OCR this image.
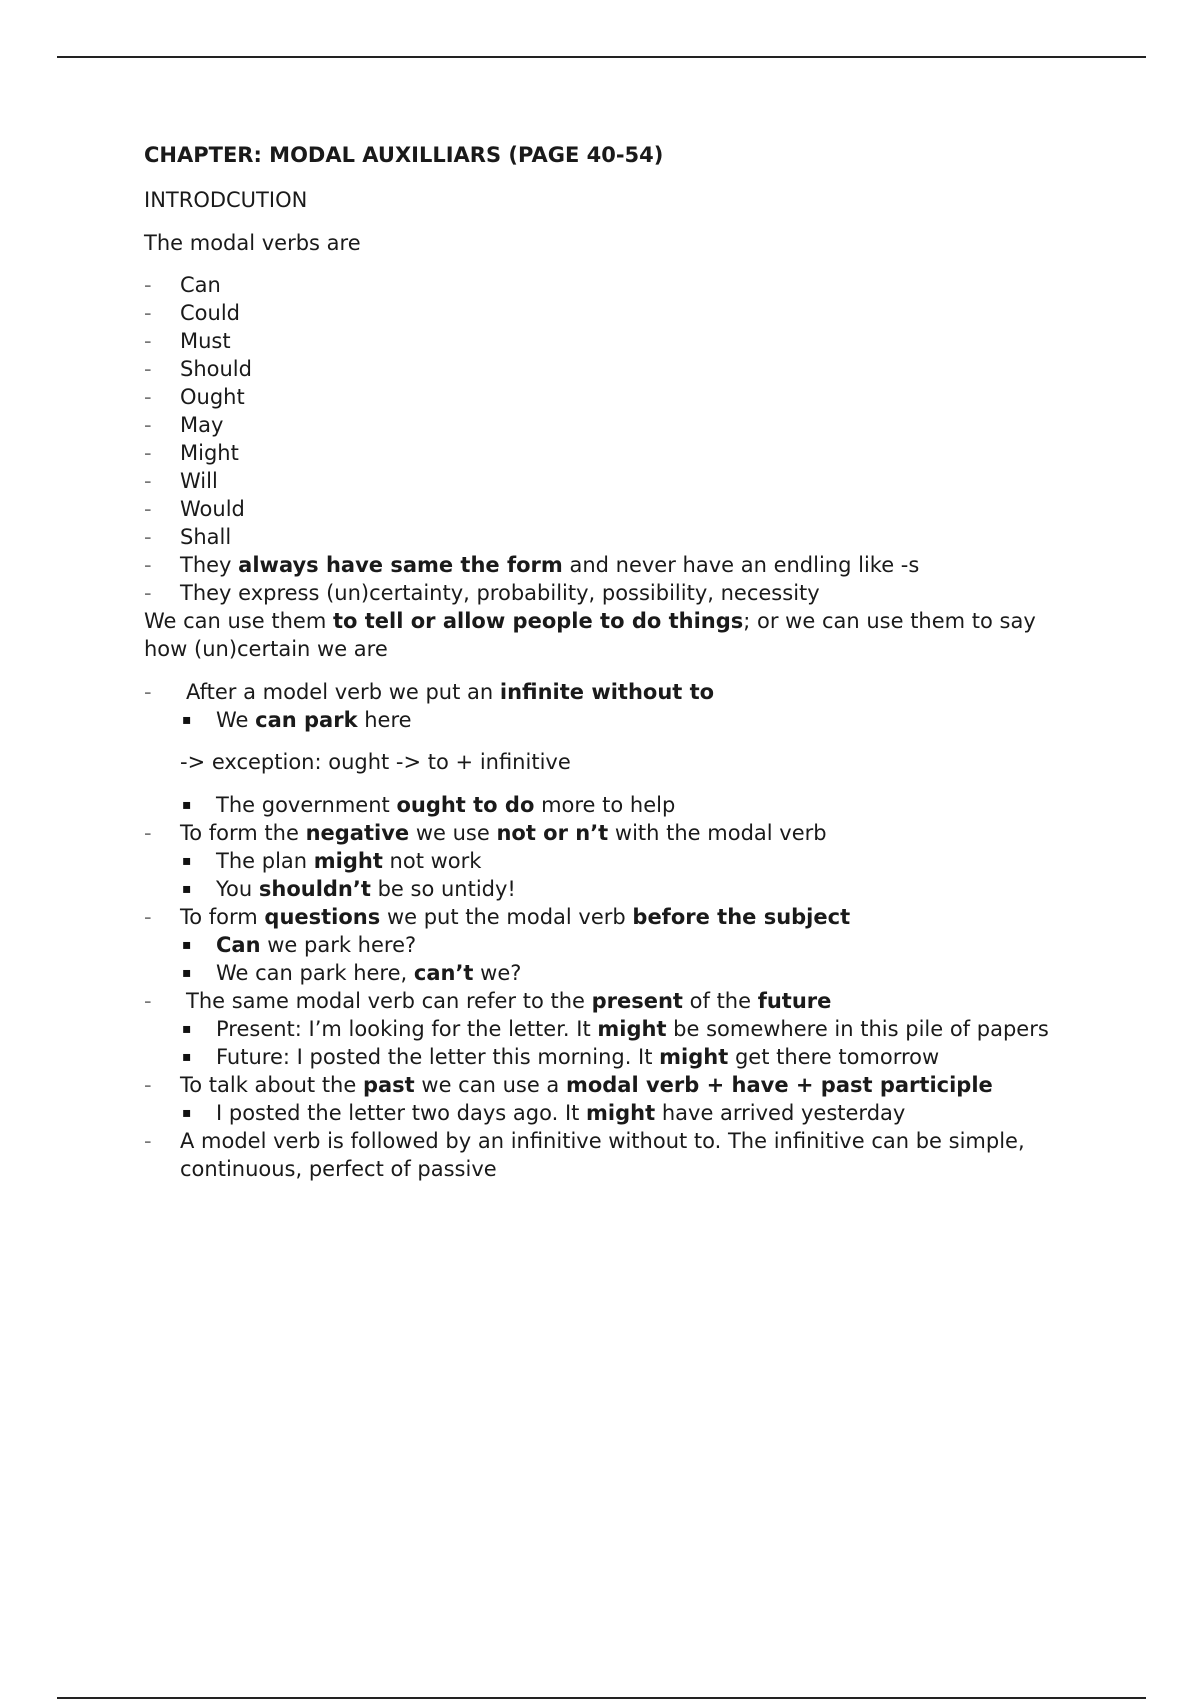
CHAPTER: MODAL AUXILLIARS (PAGE 40-54)

INTRODCUTION

The modal verbs are

- Can
- Could
- Must
- Should
- Ought
- May
- Might
- Will
- Would
- Shall
- They always have same the form and never have an endling like -s
- They express (un)certainty, probability, possibility, necessity

We can use them to tell or allow people to do things; or we can use them to say how (un)certain we are

- After a model verb we put an infinite without to
▪ We can park here
-> exception: ought -> to + infinitive
▪ The government ought to do more to help
- To form the negative we use not or n’t with the modal verb
▪ The plan might not work
▪ You shouldn’t be so untidy!
- To form questions we put the modal verb before the subject
▪ Can we park here?
▪ We can park here, can’t we?
- The same modal verb can refer to the present of the future
▪ Present: I’m looking for the letter. It might be somewhere in this pile of papers
▪ Future: I posted the letter this morning. It might get there tomorrow
- To talk about the past we can use a modal verb + have + past participle
▪ I posted the letter two days ago. It might have arrived yesterday
- A model verb is followed by an infinitive without to. The infinitive can be simple, continuous, perfect of passive
